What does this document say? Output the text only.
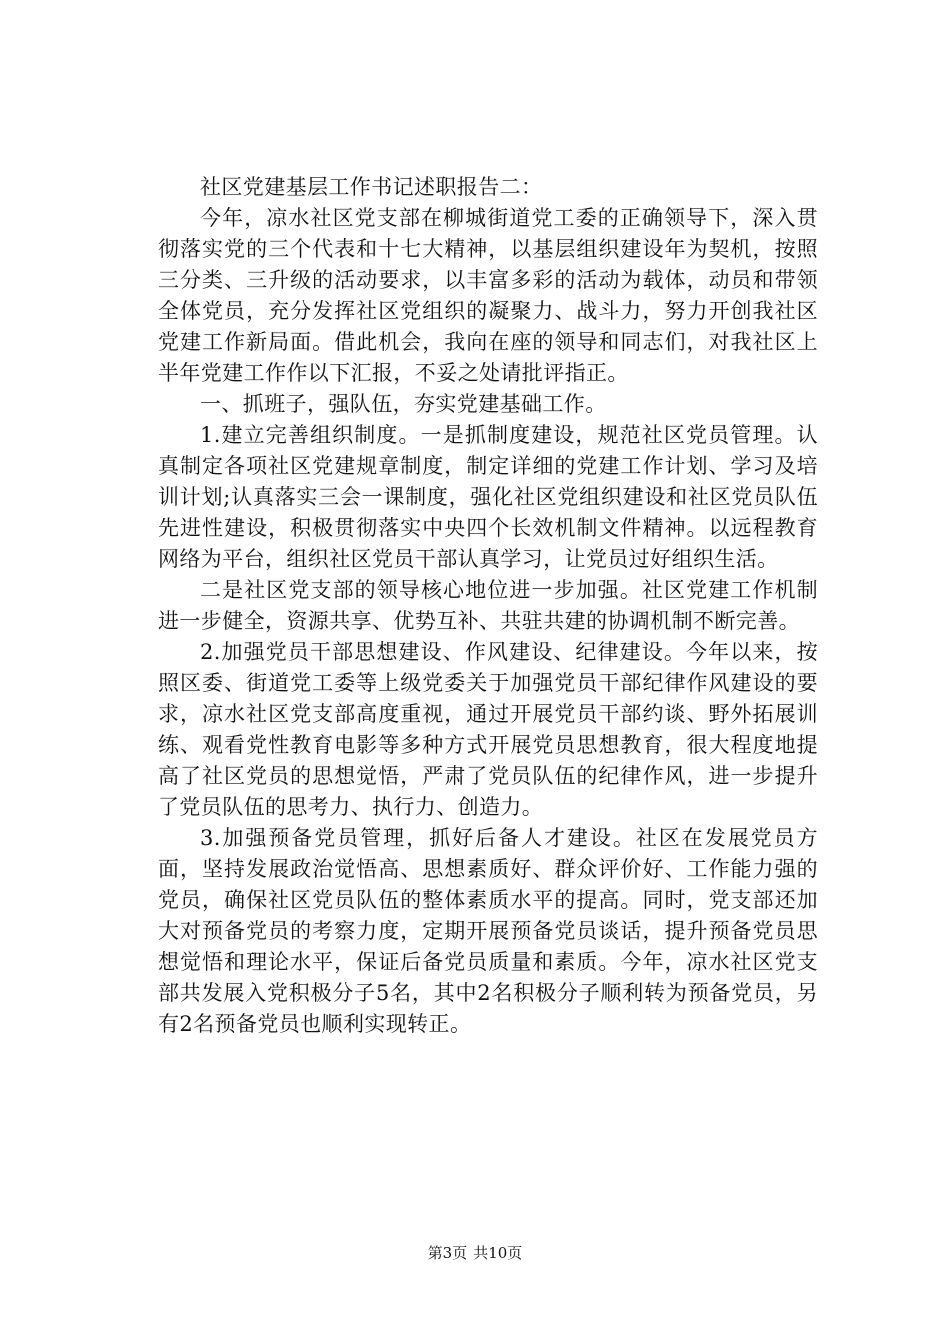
社区党建基层工作书记述职报告二：

今年，凉水社区党支部在柳城街道党工委的正确领导下，深入贯彻落实党的三个代表和十七大精神，以基层组织建设年为契机，按照三分类、三升级的活动要求，以丰富多彩的活动为载体，动员和带领全体党员，充分发挥社区党组织的凝聚力、战斗力，努力开创我社区党建工作新局面。借此机会，我向在座的领导和同志们，对我社区上半年党建工作作以下汇报，不妥之处请批评指正。

一、抓班子，强队伍，夯实党建基础工作。

1.建立完善组织制度。一是抓制度建设，规范社区党员管理。认真制定各项社区党建规章制度，制定详细的党建工作计划、学习及培训计划;认真落实三会一课制度，强化社区党组织建设和社区党员队伍先进性建设，积极贯彻落实中央四个长效机制文件精神。以远程教育网络为平台，组织社区党员干部认真学习，让党员过好组织生活。

二是社区党支部的领导核心地位进一步加强。社区党建工作机制进一步健全，资源共享、优势互补、共驻共建的协调机制不断完善。

2.加强党员干部思想建设、作风建设、纪律建设。今年以来，按照区委、街道党工委等上级党委关于加强党员干部纪律作风建设的要求，凉水社区党支部高度重视，通过开展党员干部约谈、野外拓展训练、观看党性教育电影等多种方式开展党员思想教育，很大程度地提高了社区党员的思想觉悟，严肃了党员队伍的纪律作风，进一步提升了党员队伍的思考力、执行力、创造力。

3.加强预备党员管理，抓好后备人才建设。社区在发展党员方面，坚持发展政治觉悟高、思想素质好、群众评价好、工作能力强的党员，确保社区党员队伍的整体素质水平的提高。同时，党支部还加大对预备党员的考察力度，定期开展预备党员谈话，提升预备党员思想觉悟和理论水平，保证后备党员质量和素质。今年，凉水社区党支部共发展入党积极分子5名，其中2名积极分子顺利转为预备党员，另有2名预备党员也顺利实现转正。

第3页 共10页
